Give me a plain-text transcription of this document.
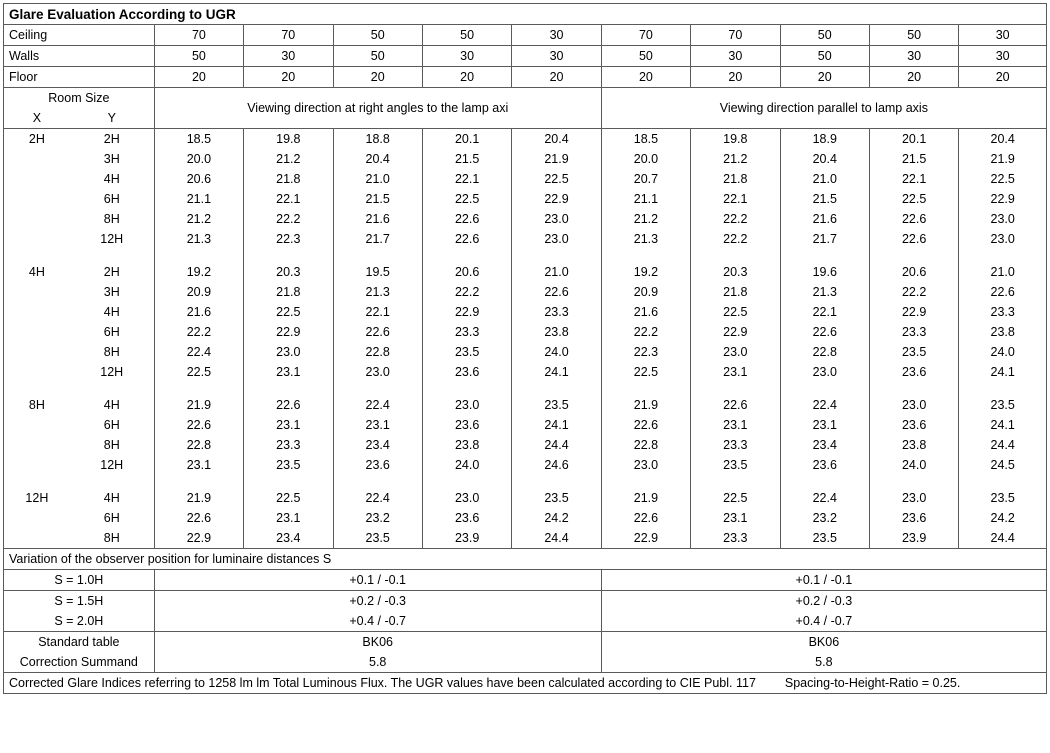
Glare Evaluation According to UGR											
Ceiling		70	70	50	50	30	70	70	50	50	30
Walls		50	30	50	30	30	50	30	50	30	30
Floor		20	20	20	20	20	20	20	20	20	20
Room Size		Viewing direction at right angles to the lamp axi					Viewing direction parallel to lamp axis				
X	Y										
2H	2H	18.5	19.8	18.8	20.1	20.4	18.5	19.8	18.9	20.1	20.4
	3H	20.0	21.2	20.4	21.5	21.9	20.0	21.2	20.4	21.5	21.9
	4H	20.6	21.8	21.0	22.1	22.5	20.7	21.8	21.0	22.1	22.5
	6H	21.1	22.1	21.5	22.5	22.9	21.1	22.1	21.5	22.5	22.9
	8H	21.2	22.2	21.6	22.6	23.0	21.2	22.2	21.6	22.6	23.0
	12H	21.3	22.3	21.7	22.6	23.0	21.3	22.2	21.7	22.6	23.0

4H	2H	19.2	20.3	19.5	20.6	21.0	19.2	20.3	19.6	20.6	21.0
	3H	20.9	21.8	21.3	22.2	22.6	20.9	21.8	21.3	22.2	22.6
	4H	21.6	22.5	22.1	22.9	23.3	21.6	22.5	22.1	22.9	23.3
	6H	22.2	22.9	22.6	23.3	23.8	22.2	22.9	22.6	23.3	23.8
	8H	22.4	23.0	22.8	23.5	24.0	22.3	23.0	22.8	23.5	24.0
	12H	22.5	23.1	23.0	23.6	24.1	22.5	23.1	23.0	23.6	24.1

8H	4H	21.9	22.6	22.4	23.0	23.5	21.9	22.6	22.4	23.0	23.5
	6H	22.6	23.1	23.1	23.6	24.1	22.6	23.1	23.1	23.6	24.1
	8H	22.8	23.3	23.4	23.8	24.4	22.8	23.3	23.4	23.8	24.4
	12H	23.1	23.5	23.6	24.0	24.6	23.0	23.5	23.6	24.0	24.5

12H	4H	21.9	22.5	22.4	23.0	23.5	21.9	22.5	22.4	23.0	23.5
	6H	22.6	23.1	23.2	23.6	24.2	22.6	23.1	23.2	23.6	24.2
	8H	22.9	23.4	23.5	23.9	24.4	22.9	23.3	23.5	23.9	24.4
Variation of the observer position for luminaire distances S											
S = 1.0H		+0.1 / -0.1					+0.1 / -0.1				
S = 1.5H		+0.2 / -0.3					+0.2 / -0.3				
S = 2.0H		+0.4 / -0.7					+0.4 / -0.7				
Standard table		BK06					BK06				
Correction Summand		5.8					5.8				
Corrected Glare Indices referring to 1258 lm lm Total Luminous Flux. The UGR values have been calculated according to CIE Publ. 117 Spacing-to-Height-Ratio = 0.25.											
